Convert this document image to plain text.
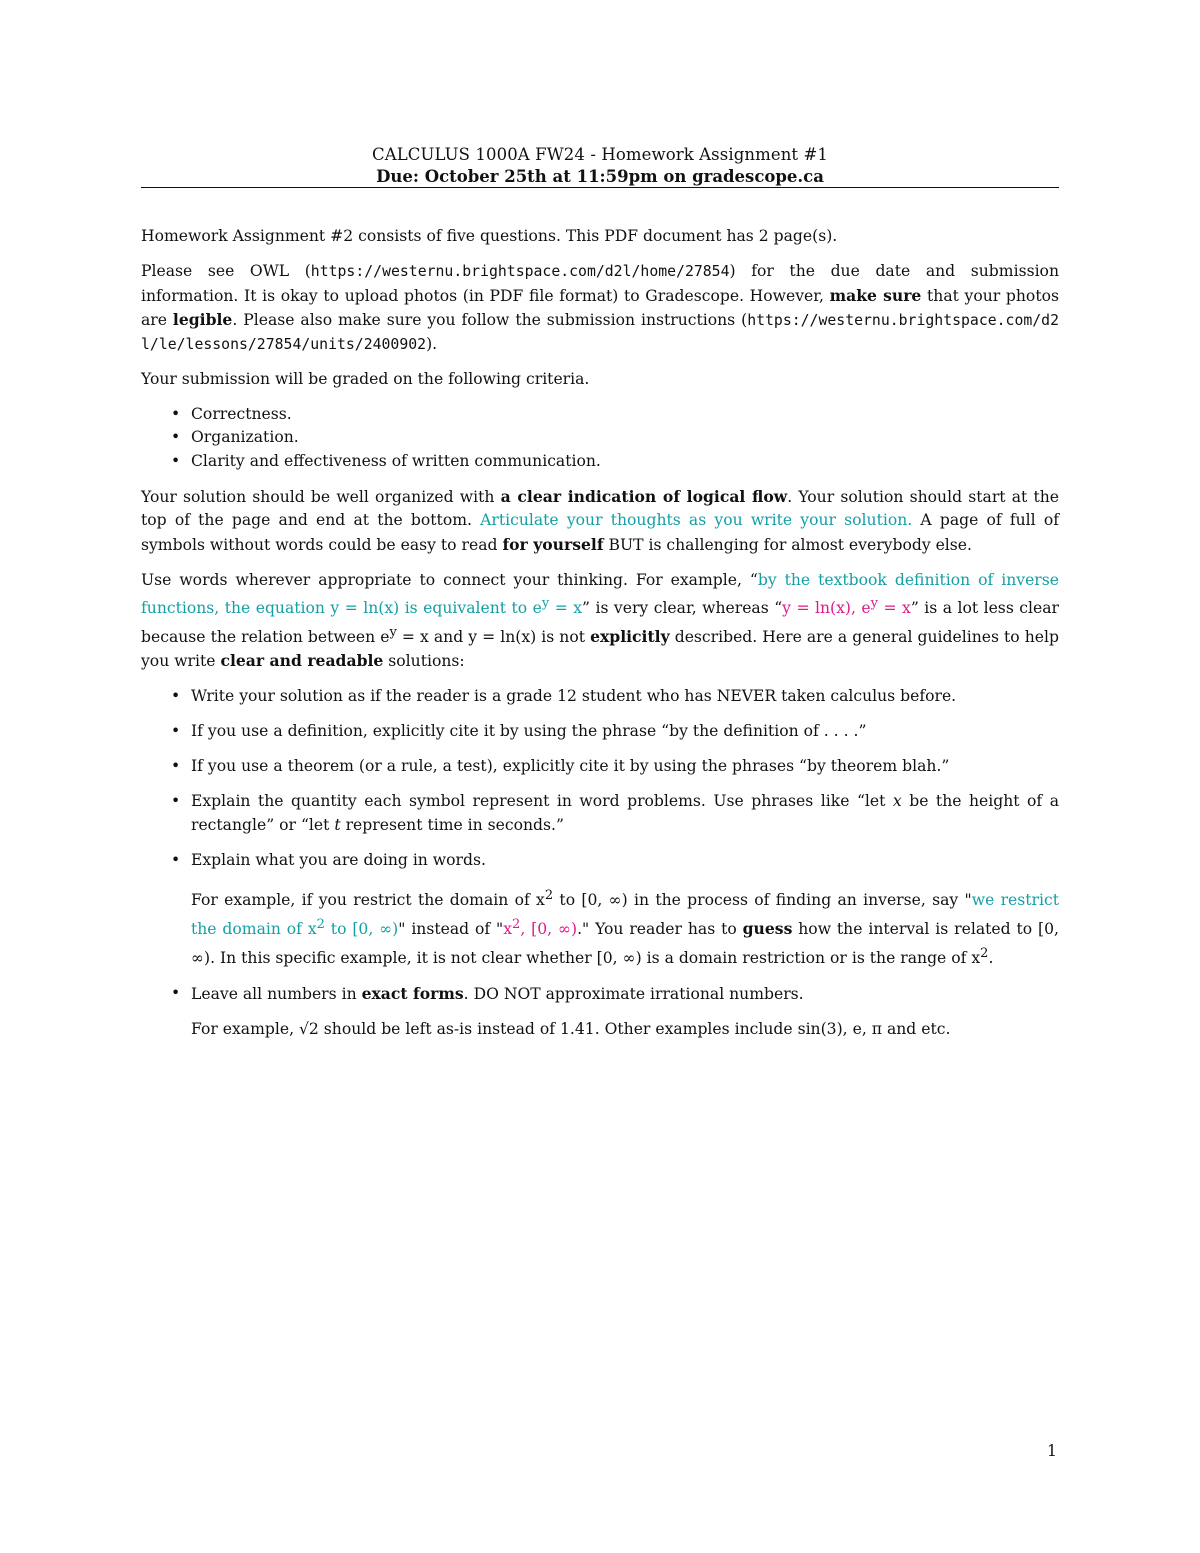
CALCULUS 1000A FW24 - Homework Assignment #1
Due: October 25th at 11:59pm on gradescope.ca

Homework Assignment #2 consists of five questions. This PDF document has 2 page(s).

Please see OWL (https://westernu.brightspace.com/d2l/home/27854) for the due date and submission information. It is okay to upload photos (in PDF file format) to Gradescope. However, make sure that your photos are legible. Please also make sure you follow the submission instructions (https://westernu.brightspace.com/d2l/le/lessons/27854/units/2400902).

Your submission will be graded on the following criteria.

• Correctness.
• Organization.
• Clarity and effectiveness of written communication.

Your solution should be well organized with a clear indication of logical flow. Your solution should start at the top of the page and end at the bottom. Articulate your thoughts as you write your solution. A page of full of symbols without words could be easy to read for yourself BUT is challenging for almost everybody else.

Use words wherever appropriate to connect your thinking. For example, “by the textbook definition of inverse functions, the equation y = ln(x) is equivalent to $e^y = x$” is very clear, whereas “y = ln(x), $e^y = x$” is a lot less clear because the relation between $e^y = x$ and y = ln(x) is not explicitly described. Here are a general guidelines to help you write clear and readable solutions:

• Write your solution as if the reader is a grade 12 student who has NEVER taken calculus before.
• If you use a definition, explicitly cite it by using the phrase “by the definition of . . . .”
• If you use a theorem (or a rule, a test), explicitly cite it by using the phrases “by theorem blah.”
• Explain the quantity each symbol represent in word problems. Use phrases like “let x be the height of a rectangle” or “let t represent time in seconds.”
• Explain what you are doing in words.
For example, if you restrict the domain of $x^2$ to [0, ∞) in the process of finding an inverse, say "we restrict the domain of $x^2$ to [0, ∞)" instead of "$x^2$, [0, ∞)." You reader has to guess how the interval is related to [0, ∞). In this specific example, it is not clear whether [0, ∞) is a domain restriction or is the range of $x^2$.
• Leave all numbers in exact forms. DO NOT approximate irrational numbers.
For example, √2 should be left as-is instead of 1.41. Other examples include sin(3), e, π and etc.
1
